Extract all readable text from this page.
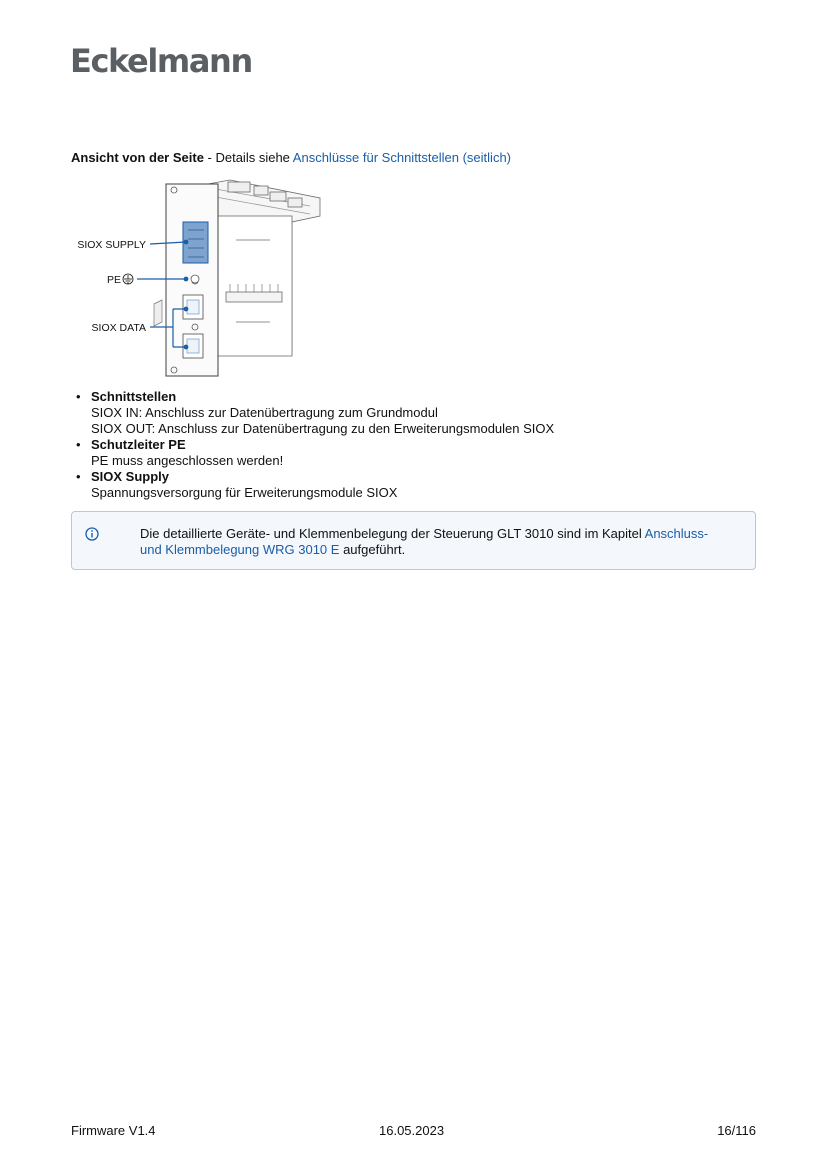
Eckelmann
Ansicht von der Seite - Details siehe Anschlüsse für Schnittstellen (seitlich)
SIOX SUPPLY
PE
SIOX DATA
• Schnittstellen
SIOX IN: Anschluss zur Datenübertragung zum Grundmodul
SIOX OUT: Anschluss zur Datenübertragung zu den Erweiterungsmodulen SIOX
• Schutzleiter PE
PE muss angeschlossen werden!
• SIOX Supply
Spannungsversorgung für Erweiterungsmodule SIOX
Die detaillierte Geräte- und Klemmenbelegung der Steuerung GLT 3010 sind im Kapitel Anschluss-
und Klemmbelegung WRG 3010 E aufgeführt.
Firmware V1.4	16.05.2023	16/116
